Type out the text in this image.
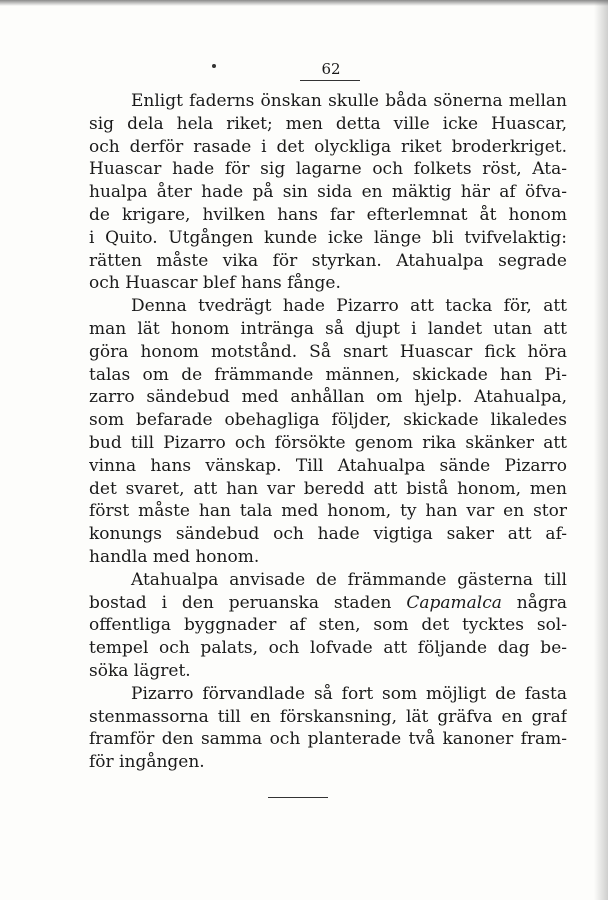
62
Enligt faderns önskan skulle båda sönerna mellan
sig dela hela riket; men detta ville icke Huascar,
och derför rasade i det olyckliga riket broderkriget.
Huascar hade för sig lagarne och folkets röst, Ata-
hualpa åter hade på sin sida en mäktig här af öfva-
de krigare, hvilken hans far efterlemnat åt honom
i Quito. Utgången kunde icke länge bli tvifvelaktig:
rätten måste vika för styrkan. Atahualpa segrade
och Huascar blef hans fånge.
Denna tvedrägt hade Pizarro att tacka för, att
man lät honom intränga så djupt i landet utan att
göra honom motstånd. Så snart Huascar fick höra
talas om de främmande männen, skickade han Pi-
zarro sändebud med anhållan om hjelp. Atahualpa,
som befarade obehagliga följder, skickade likaledes
bud till Pizarro och försökte genom rika skänker att
vinna hans vänskap. Till Atahualpa sände Pizarro
det svaret, att han var beredd att bistå honom, men
först måste han tala med honom, ty han var en stor
konungs sändebud och hade vigtiga saker att af-
handla med honom.
Atahualpa anvisade de främmande gästerna till
bostad i den peruanska staden Capamalca några
offentliga byggnader af sten, som det tycktes sol-
tempel och palats, och lofvade att följande dag be-
söka lägret.
Pizarro förvandlade så fort som möjligt de fasta
stenmassorna till en förskansning, lät gräfva en graf
framför den samma och planterade två kanoner fram-
för ingången.
